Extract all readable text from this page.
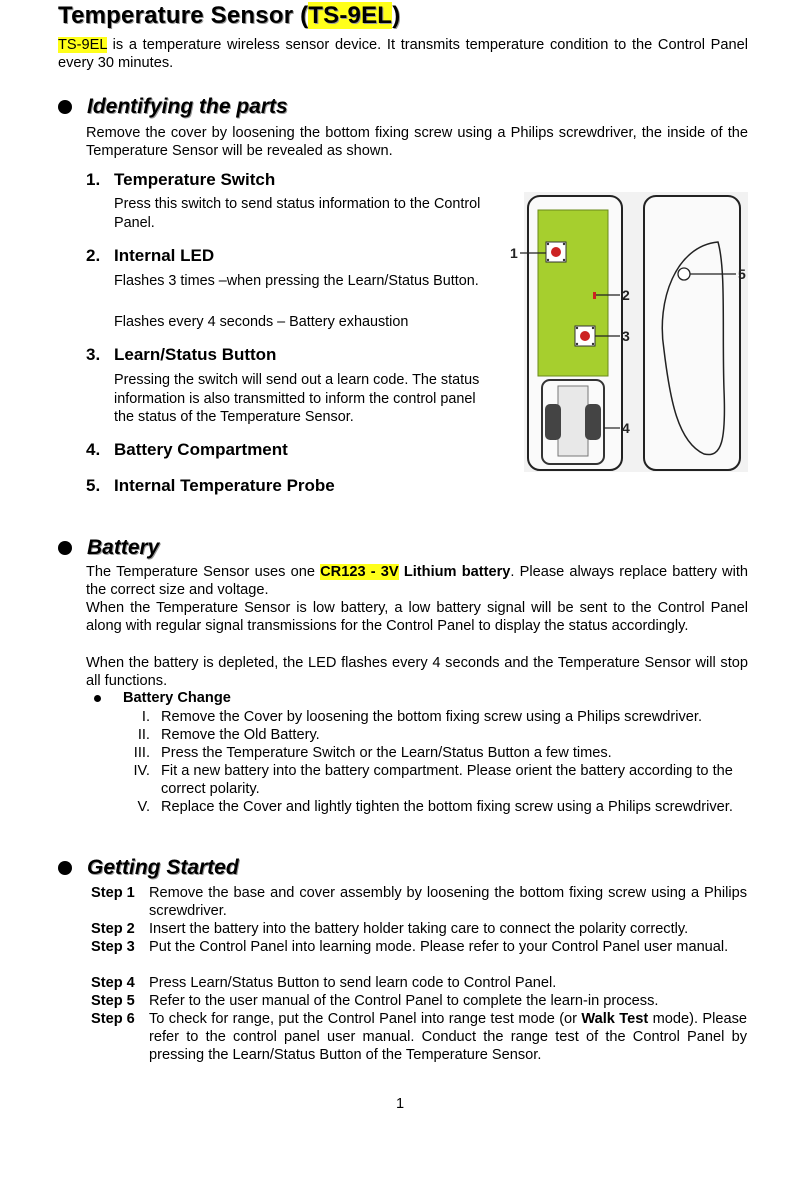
Temperature Sensor (TS-9EL)
TS-9EL is a temperature wireless sensor device. It transmits temperature condition to the Control Panel every 30 minutes.
Identifying the parts
Remove the cover by loosening the bottom fixing screw using a Philips screwdriver, the inside of the Temperature Sensor will be revealed as shown.
1. Temperature Switch
Press this switch to send status information to the Control Panel.
2. Internal LED
Flashes 3 times –when pressing the Learn/Status Button.
Flashes every 4 seconds – Battery exhaustion
3. Learn/Status Button
Pressing the switch will send out a learn code. The status information is also transmitted to inform the control panel the status of the Temperature Sensor.
4. Battery Compartment
5. Internal Temperature Probe
1
2
3
4
5
Battery
The Temperature Sensor uses one CR123 - 3V Lithium battery. Please always replace battery with the correct size and voltage.
When the Temperature Sensor is low battery, a low battery signal will be sent to the Control Panel along with regular signal transmissions for the Control Panel to display the status accordingly.
When the battery is depleted, the LED flashes every 4 seconds and the Temperature Sensor will stop all functions.
Battery Change
I. Remove the Cover by loosening the bottom fixing screw using a Philips screwdriver.
II. Remove the Old Battery.
III. Press the Temperature Switch or the Learn/Status Button a few times.
IV. Fit a new battery into the battery compartment. Please orient the battery according to the correct polarity.
V. Replace the Cover and lightly tighten the bottom fixing screw using a Philips screwdriver.
Getting Started
Step 1 Remove the base and cover assembly by loosening the bottom fixing screw using a Philips screwdriver.
Step 2 Insert the battery into the battery holder taking care to connect the polarity correctly.
Step 3 Put the Control Panel into learning mode. Please refer to your Control Panel user manual.
Step 4 Press Learn/Status Button to send learn code to Control Panel.
Step 5 Refer to the user manual of the Control Panel to complete the learn-in process.
Step 6 To check for range, put the Control Panel into range test mode (or Walk Test mode). Please refer to the control panel user manual. Conduct the range test of the Control Panel by pressing the Learn/Status Button of the Temperature Sensor.
1
